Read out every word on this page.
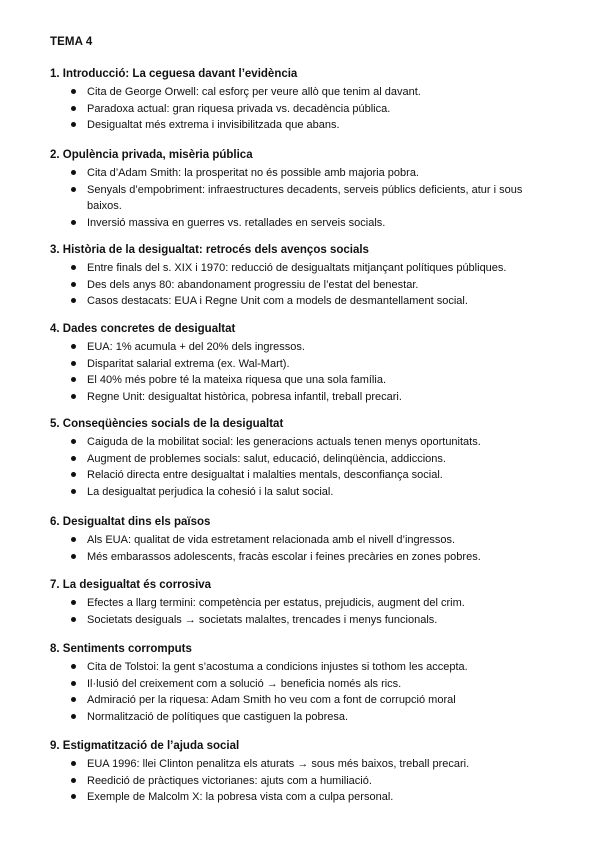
TEMA 4
1. Introducció: La ceguesa davant l’evidència
Cita de George Orwell: cal esforç per veure allò que tenim al davant.
Paradoxa actual: gran riquesa privada vs. decadència pública.
Desigualtat més extrema i invisibilitzada que abans.
2. Opulència privada, misèria pública
Cita d’Adam Smith: la prosperitat no és possible amb majoria pobra.
Senyals d’empobriment: infraestructures decadents, serveis públics deficients, atur i sous baixos.
Inversió massiva en guerres vs. retallades en serveis socials.
3. Història de la desigualtat: retrocés dels avenços socials
Entre finals del s. XIX i 1970: reducció de desigualtats mitjançant polítiques públiques.
Des dels anys 80: abandonament progressiu de l’estat del benestar.
Casos destacats: EUA i Regne Unit com a models de desmantellament social.
4. Dades concretes de desigualtat
EUA: 1% acumula + del 20% dels ingressos.
Disparitat salarial extrema (ex. Wal-Mart).
El 40% més pobre té la mateixa riquesa que una sola família.
Regne Unit: desigualtat històrica, pobresa infantil, treball precari.
5. Conseqüències socials de la desigualtat
Caiguda de la mobilitat social: les generacions actuals tenen menys oportunitats.
Augment de problemes socials: salut, educació, delinqüència, addiccions.
Relació directa entre desigualtat i malalties mentals, desconfiança social.
La desigualtat perjudica la cohesió i la salut social.
6. Desigualtat dins els països
Als EUA: qualitat de vida estretament relacionada amb el nivell d’ingressos.
Més embarassos adolescents, fracàs escolar i feines precàries en zones pobres.
7. La desigualtat és corrosiva
Efectes a llarg termini: competència per estatus, prejudicis, augment del crim.
Societats desiguals → societats malaltes, trencades i menys funcionals.
8. Sentiments corromputs
Cita de Tolstoi: la gent s’acostuma a condicions injustes si tothom les accepta.
Il·lusió del creixement com a solució → beneficia només als rics.
Admiració per la riquesa: Adam Smith ho veu com a font de corrupció moral
Normalització de polítiques que castiguen la pobresa.
9. Estigmatització de l’ajuda social
EUA 1996: llei Clinton penalitza els aturats → sous més baixos, treball precari.
Reedició de pràctiques victorianes: ajuts com a humiliació.
Exemple de Malcolm X: la pobresa vista com a culpa personal.
